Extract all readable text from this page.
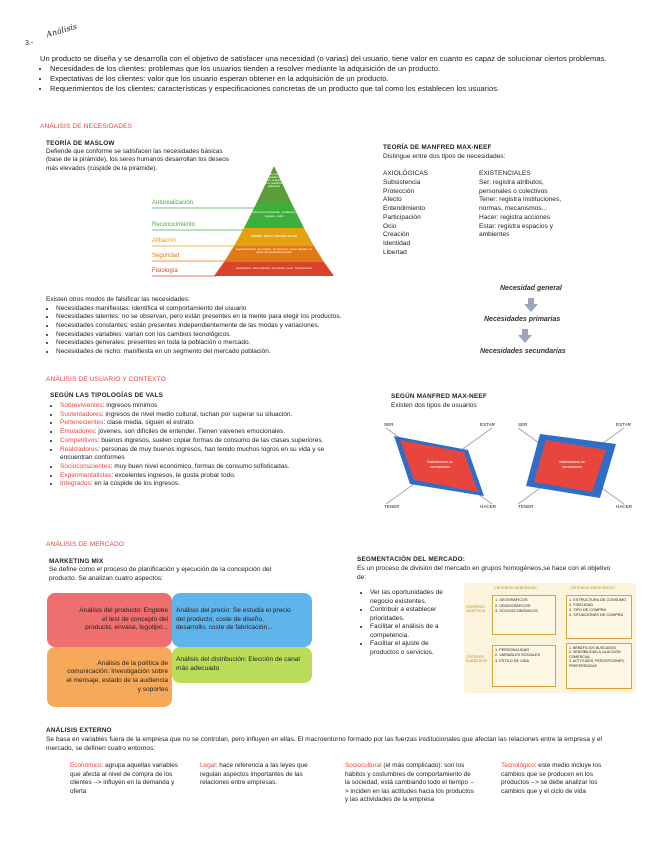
3.-
Análisis
Un producto se diseña y se desarrolla con el objetivo de satisfacer una necesidad (o varias) del usuario, tiene valor en cuanto es capaz de solucionar ciertos problemas.
• Necesidades de los clientes: problemas que los usuarios tienden a resolver mediante la adquisición de un producto.
• Expectativas de los clientes: valor que los usuario esperan obtener en la adquisición de un producto.
• Requerimientos de los clientes: características y especificaciones concretas de un producto que tal como los establecen los usuarios.
ANÁLISIS DE NECESIDADES
TEORÍA DE MASLOW
Defiende que conforme se satisfacen las necesidades básicas (base de la pirámide), los seres humanos desarrollan los deseos más elevados (cúspide de la pirámide).
Autorealización
Reconocimiento
Afiliación
Seguridad
Fisiología
moralidad, creatividad, espontaneidad, falta de prejuicios, aceptación de hechos, resolución de problemas
autorreconocimiento, confianza, respeto, éxito
amistad, afecto, intimidad sexual
seguridad física, de empleo, de recursos, moral, familiar, de salud, de propiedad privada
respiración, alimentación, descanso, sexo, homeostasis
TEORÍA DE MANFRED MAX-NEEF
Distingue entre dos tipos de necesidades:
AXIOLÓGICAS
Subsistencia
Protección
Afecto
Entendimiento
Participación
Ocio
Creación
Identidad
Libertad
EXISTENCIALES
Ser: registra atributos, personales o colectivos
Tener: registra instituciones, normas, mecanismos...
Hacer: registra acciones
Estar: registra espacios y ambientes
Necesidad general
Necesidades primarias
Necesidades secundarias
Existen otros modos de falsificar las necesidades:
• Necesidades manifiestas: identifica el comportamiento del usuario
• Necesidades latentes: no se observan, pero están presentes en la mente para elegir los productos.
• Necesidades constantes: están presentes independientemente de las modas y variaciones.
• Necesidades variables: varían con los cambios tecnológicos.
• Necesidades generales: presentes en toda la población o mercado.
• Necesidades de nicho: manifiesta en un segmento del mercado población.
ANÁLISIS DE USUARIO Y CONTEXTO
SEGÚN LAS TIPOLOGÍAS DE VALS
• Sobrevivientes: ingresos mínimos
• Sustentadores: ingresos de nivel medio cultural, luchan por superar su situación.
• Pertenecientes: clase media, siguen el estrato.
• Emuladores: jóvenes, son difíciles de entender. Tienen vaivenes emocionales.
• Competitivos: buenos ingresos, suelen copiar formas de consumo de las clases superiores.
• Realizadores: personas de muy buenos ingresos, han tenido muchos logros en su vida y se encuentran conformes
• Socioconscientes: muy buen nivel económico, formas de consumo sofisticadas.
• Experimentalistas: excelentes ingresos, le gusta probar todo.
• Integrados: en la cúspide de los ingresos.
SEGÚN MANFRED MAX-NEEF
Existen dos tipos de usuarios
SER	ESTAR
TENER	HACER
SER	ESTAR
TENER	HACER
Satisfactores de necesidades
Satisfactores de necesidades
ANÁLISIS DE MERCADO
MARKETING MIX
Se define como el proceso de planificación y ejecución de la concepción del producto. Se analizan cuatro aspectos:
Análisis del producto: Englobe el test de concepto del producto, envase, logotipo...
Análisis del precio: Se estudia el precio del producto; coste de diseño, desarrollo, coste de fabricación...
Análisis de la política de comunicación: Investigación sobre el mensaje, estado de la audiencia y soportes
Análisis del distribución: Elección de canal más adecuado
SEGMENTACIÓN DEL MERCADO:
Es un proceso de división del mercado en grupos homogéneos,se hace con el objetivo de:
• Ver las oportunidades de negocio existentes.
• Contribuir a establecer prioridades.
• Facilitar el análisis de a competencia.
• Facilitar el ajuste de productos o servicios.
CRITERIOS GENERALES	CRITERIOS ESPECÍFICOS
CRITERIOS OBJETIVOS
CRITERIOS SUBJETIVOS
1. GEOGRÁFICOS
2. DEMOGRÁFICOS
3. SOCIOECONÓMICOS
1. ESTRUCTURA DE CONSUMO
2. FIDELIDAD
3. TIPO DE COMPRA
4. SITUACIONES DE COMPRA
1. PERSONALIDAD
2. VARIABLES SOCIALES
3. ESTILO DE VIDA
1. BENEFICIOS BUSCADOS
2. SENSIBILIDAD A LA ACCIÓN COMERCIAL
3. ACTITUDES, PERCEPCIONES, PREFERENCIAS
ANÁLISIS EXTERNO
Se basa en variables fuera de la empresa que no se controlan, pero influyen en ellas. El macroentorno formado por las fuerzas institucionales que afectan las relaciones entre la empresa y el mercado, se definen cuatro entornos:
Económico: agrupa aquellas variables que afecta al nivel de compra de los clientes --> influyen en la demanda y oferta
Legal: hace referencia a las leyes que regulan aspectos importantes de las relaciones entre empresas.
Sociocultural (el más complicado): son los hábitos y costumbres de comportamiento de la sociedad, está cambiando todo el tiempo --> inciden en las actitudes hacia los productos y las actividades de la empresa
Tecnológico: este medio incluye los cambios que se producen en los productos --> se debe analizar los cambios que y el ciclo de vida
